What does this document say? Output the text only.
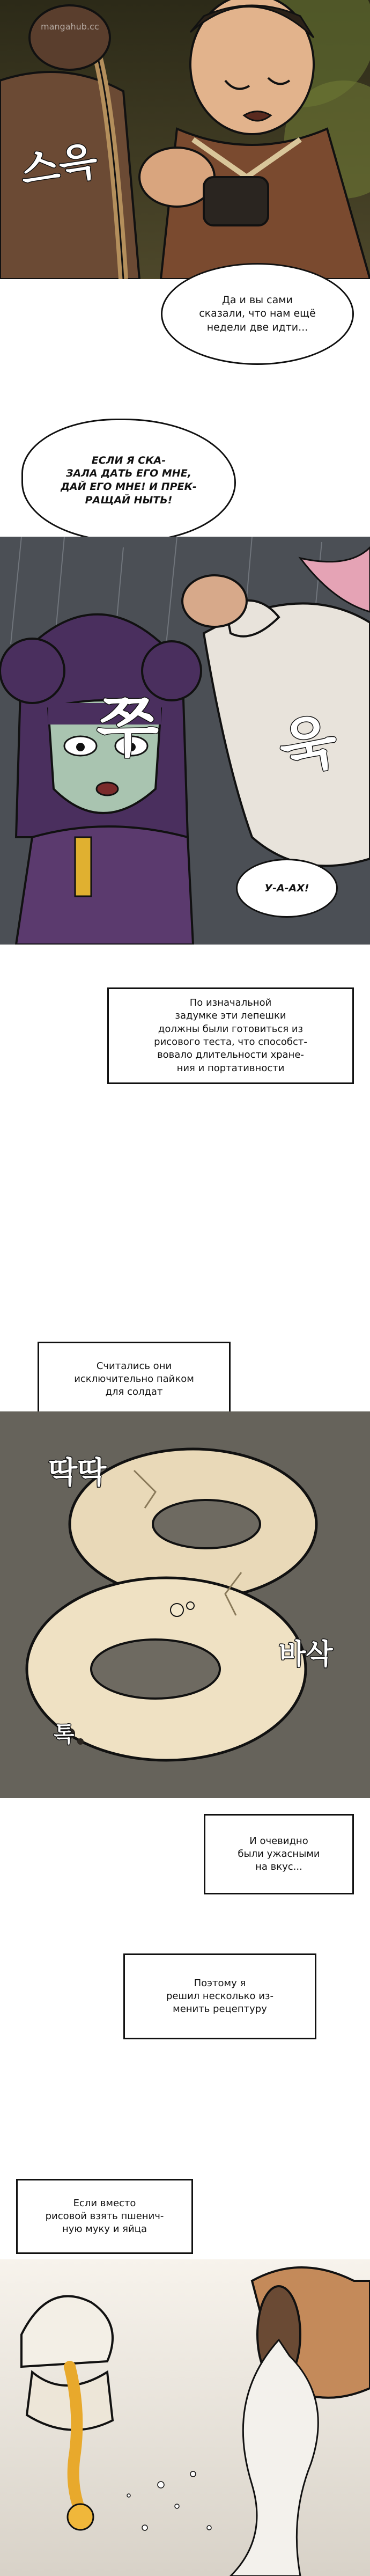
mangahub.cc
스윽
Да и вы сами
сказали, что нам ещё
недели две идти...
ЕСЛИ Я СКА-
ЗАЛА ДАТЬ ЕГО МНЕ,
ДАЙ ЕГО МНЕ! И ПРЕК-
РАЩАЙ НЫТЬ!
쭈 욱
У-А-АХ!
По изначальной
задумке эти лепешки
должны были готовиться из
рисового теста, что способст-
вовало длительности хране-
ния и портативности
Считались они
исключительно пайком
для солдат
딱딱
바삭
톡
И очевидно
были ужасными
на вкус...
Поэтому я
решил несколько из-
менить рецептуру
Если вместо
рисовой взять пшенич-
ную муку и яйца
